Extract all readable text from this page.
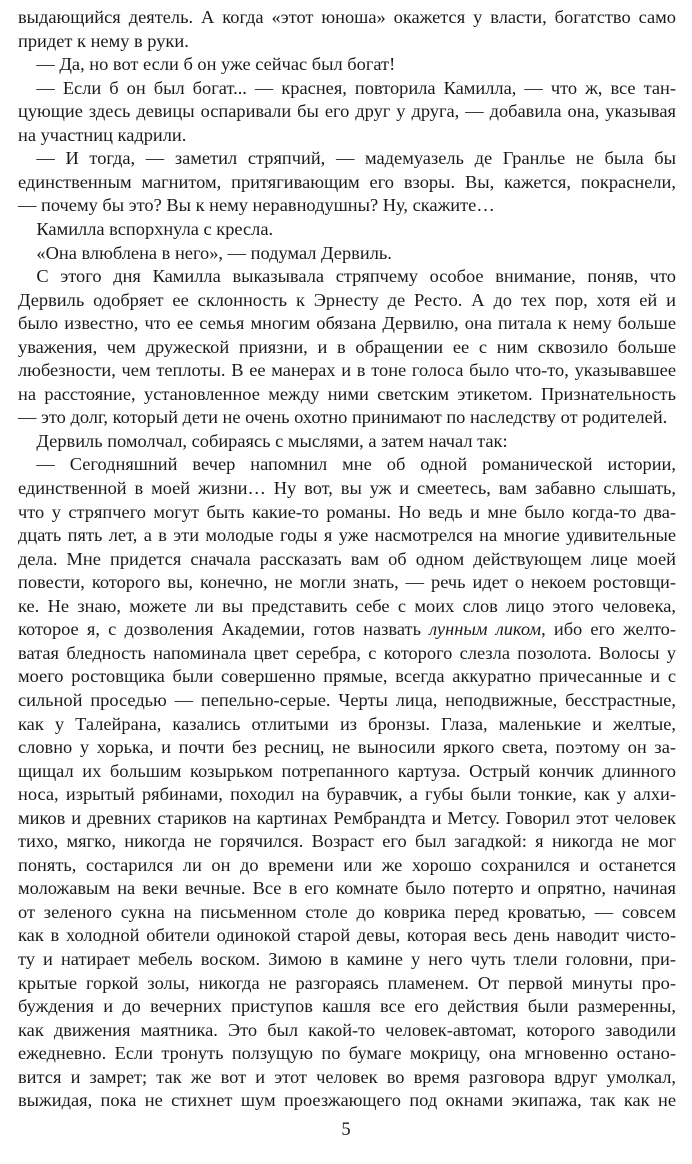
выдающийся деятель. А когда «этот юноша» окажется у власти, богатство само
придет к нему в руки.
 — Да, но вот если б он уже сейчас был богат!
 — Если б он был богат... — краснея, повторила Камилла, — что ж, все тан-
цующие здесь девицы оспаривали бы его друг у друга, — добавила она, указывая
на участниц кадрили.
 — И тогда, — заметил стряпчий, — мадемуазель де Гранлье не была бы
единственным магнитом, притягивающим его взоры. Вы, кажется, покраснели,
— почему бы это? Вы к нему неравнодушны? Ну, скажите…
 Камилла вспорхнула с кресла.
 «Она влюблена в него», — подумал Дервиль.
 С этого дня Камилла выказывала стряпчему особое внимание, поняв, что
Дервиль одобряет ее склонность к Эрнесту де Ресто. А до тех пор, хотя ей и
было известно, что ее семья многим обязана Дервилю, она питала к нему больше
уважения, чем дружеской приязни, и в обращении ее с ним сквозило больше
любезности, чем теплоты. В ее манерах и в тоне голоса было что-то, указывавшее
на расстояние, установленное между ними светским этикетом. Признательность
— это долг, который дети не очень охотно принимают по наследству от родителей.
 Дервиль помолчал, собираясь с мыслями, а затем начал так:
 — Сегодняшний вечер напомнил мне об одной романической истории,
единственной в моей жизни… Ну вот, вы уж и смеетесь, вам забавно слышать,
что у стряпчего могут быть какие-то романы. Но ведь и мне было когда-то два-
дцать пять лет, а в эти молодые годы я уже насмотрелся на многие удивительные
дела. Мне придется сначала рассказать вам об одном действующем лице моей
повести, которого вы, конечно, не могли знать, — речь идет о некоем ростовщи-
ке. Не знаю, можете ли вы представить себе с моих слов лицо этого человека,
которое я, с дозволения Академии, готов назвать лунным ликом, ибо его желто-
ватая бледность напоминала цвет серебра, с которого слезла позолота. Волосы у
моего ростовщика были совершенно прямые, всегда аккуратно причесанные и с
сильной проседью — пепельно-серые. Черты лица, неподвижные, бесстрастные,
как у Талейрана, казались отлитыми из бронзы. Глаза, маленькие и желтые,
словно у хорька, и почти без ресниц, не выносили яркого света, поэтому он за-
щищал их большим козырьком потрепанного картуза. Острый кончик длинного
носа, изрытый рябинами, походил на буравчик, а губы были тонкие, как у алхи-
миков и древних стариков на картинах Рембрандта и Метсу. Говорил этот человек
тихо, мягко, никогда не горячился. Возраст его был загадкой: я никогда не мог
понять, состарился ли он до времени или же хорошо сохранился и останется
моложавым на веки вечные. Все в его комнате было потерто и опрятно, начиная
от зеленого сукна на письменном столе до коврика перед кроватью, — совсем
как в холодной обители одинокой старой девы, которая весь день наводит чисто-
ту и натирает мебель воском. Зимою в камине у него чуть тлели головни, при-
крытые горкой золы, никогда не разгораясь пламенем. От первой минуты про-
буждения и до вечерних приступов кашля все его действия были размеренны,
как движения маятника. Это был какой-то человек-автомат, которого заводили
ежедневно. Если тронуть ползущую по бумаге мокрицу, она мгновенно остано-
вится и замрет; так же вот и этот человек во время разговора вдруг умолкал,
выжидая, пока не стихнет шум проезжающего под окнами экипажа, так как не
5
